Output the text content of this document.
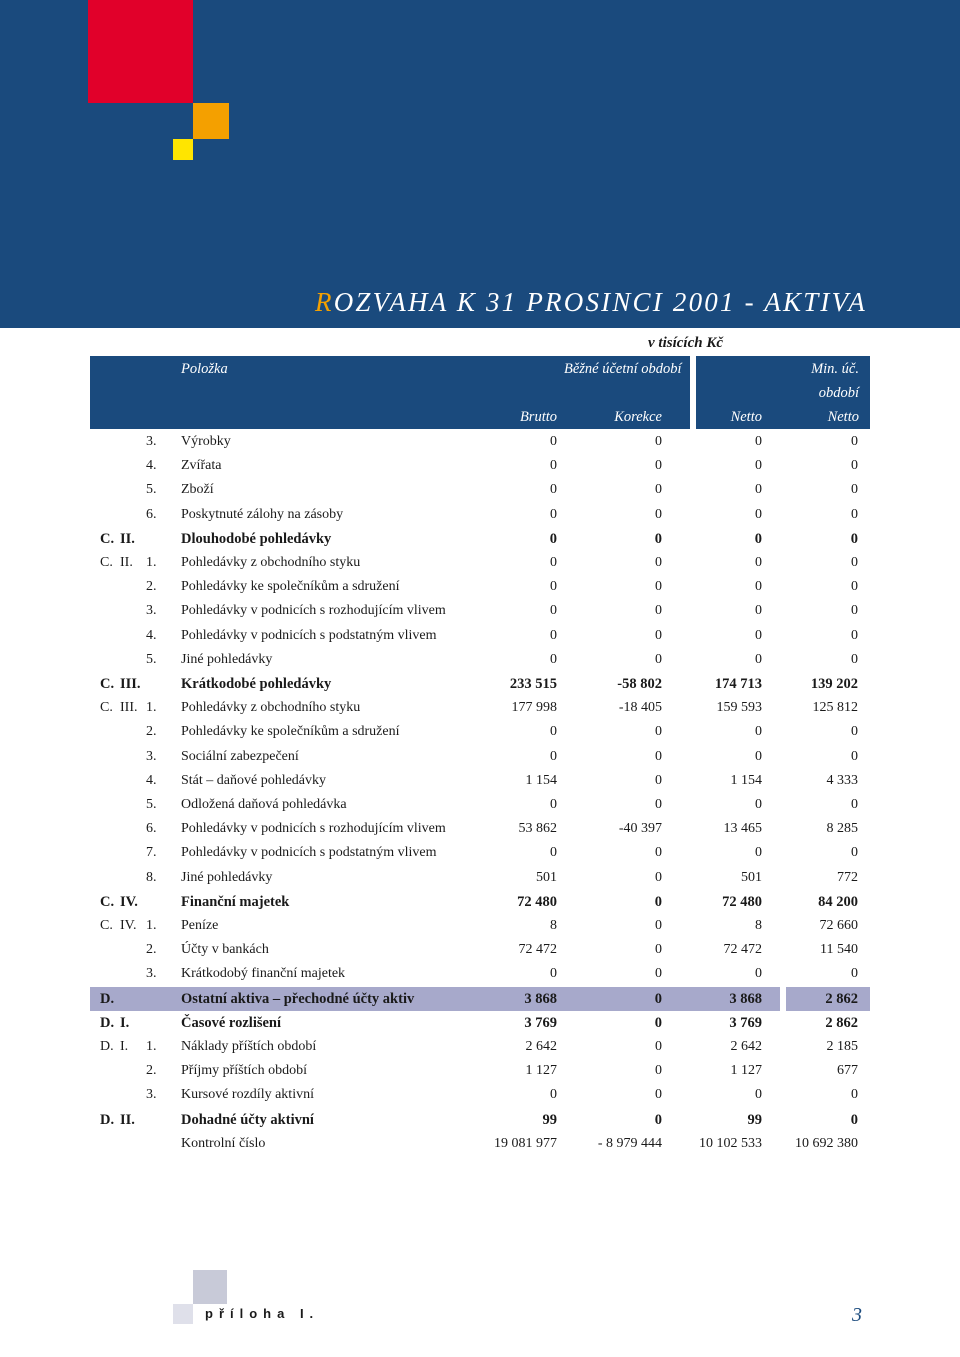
ROZVAHA K 31 PROSINCI 2001 - AKTIVA
v tisících Kč
Položka	Běžné účetní období	Min. úč.
období
Brutto	Korekce	Netto	Netto
3. Výrobky	0	0	0	0
4. Zvířata	0	0	0	0
5. Zboží	0	0	0	0
6. Poskytnuté zálohy na zásoby	0	0	0	0
C. II.	Dlouhodobé pohledávky	0	0	0	0
C. II. 1. Pohledávky z obchodního styku	0	0	0	0
2. Pohledávky ke společníkům a sdružení	0	0	0	0
3. Pohledávky v podnicích s rozhodujícím vlivem	0	0	0	0
4. Pohledávky v podnicích s podstatným vlivem	0	0	0	0
5. Jiné pohledávky	0	0	0	0
C. III.	Krátkodobé pohledávky	233 515	-58 802	174 713	139 202
C. III. 1. Pohledávky z obchodního styku	177 998	-18 405	159 593	125 812
2. Pohledávky ke společníkům a sdružení	0	0	0	0
3. Sociální zabezpečení	0	0	0	0
4. Stát – daňové pohledávky	1 154	0	1 154	4 333
5. Odložená daňová pohledávka	0	0	0	0
6. Pohledávky v podnicích s rozhodujícím vlivem	53 862	-40 397	13 465	8 285
7. Pohledávky v podnicích s podstatným vlivem	0	0	0	0
8. Jiné pohledávky	501	0	501	772
C. IV.	Finanční majetek	72 480	0	72 480	84 200
C. IV. 1. Peníze	8	0	8	72 660
2. Účty v bankách	72 472	0	72 472	11 540
3. Krátkodobý finanční majetek	0	0	0	0
D.	Ostatní aktiva – přechodné účty aktiv	3 868	0	3 868	2 862
D. I.	Časové rozlišení	3 769	0	3 769	2 862
D. I. 1. Náklady příštích období	2 642	0	2 642	2 185
2. Příjmy příštích období	1 127	0	1 127	677
3. Kursové rozdíly aktivní	0	0	0	0
D. II.	Dohadné účty aktivní	99	0	99	0
Kontrolní číslo	19 081 977	- 8 979 444	10 102 533	10 692 380
příloha I.	3
